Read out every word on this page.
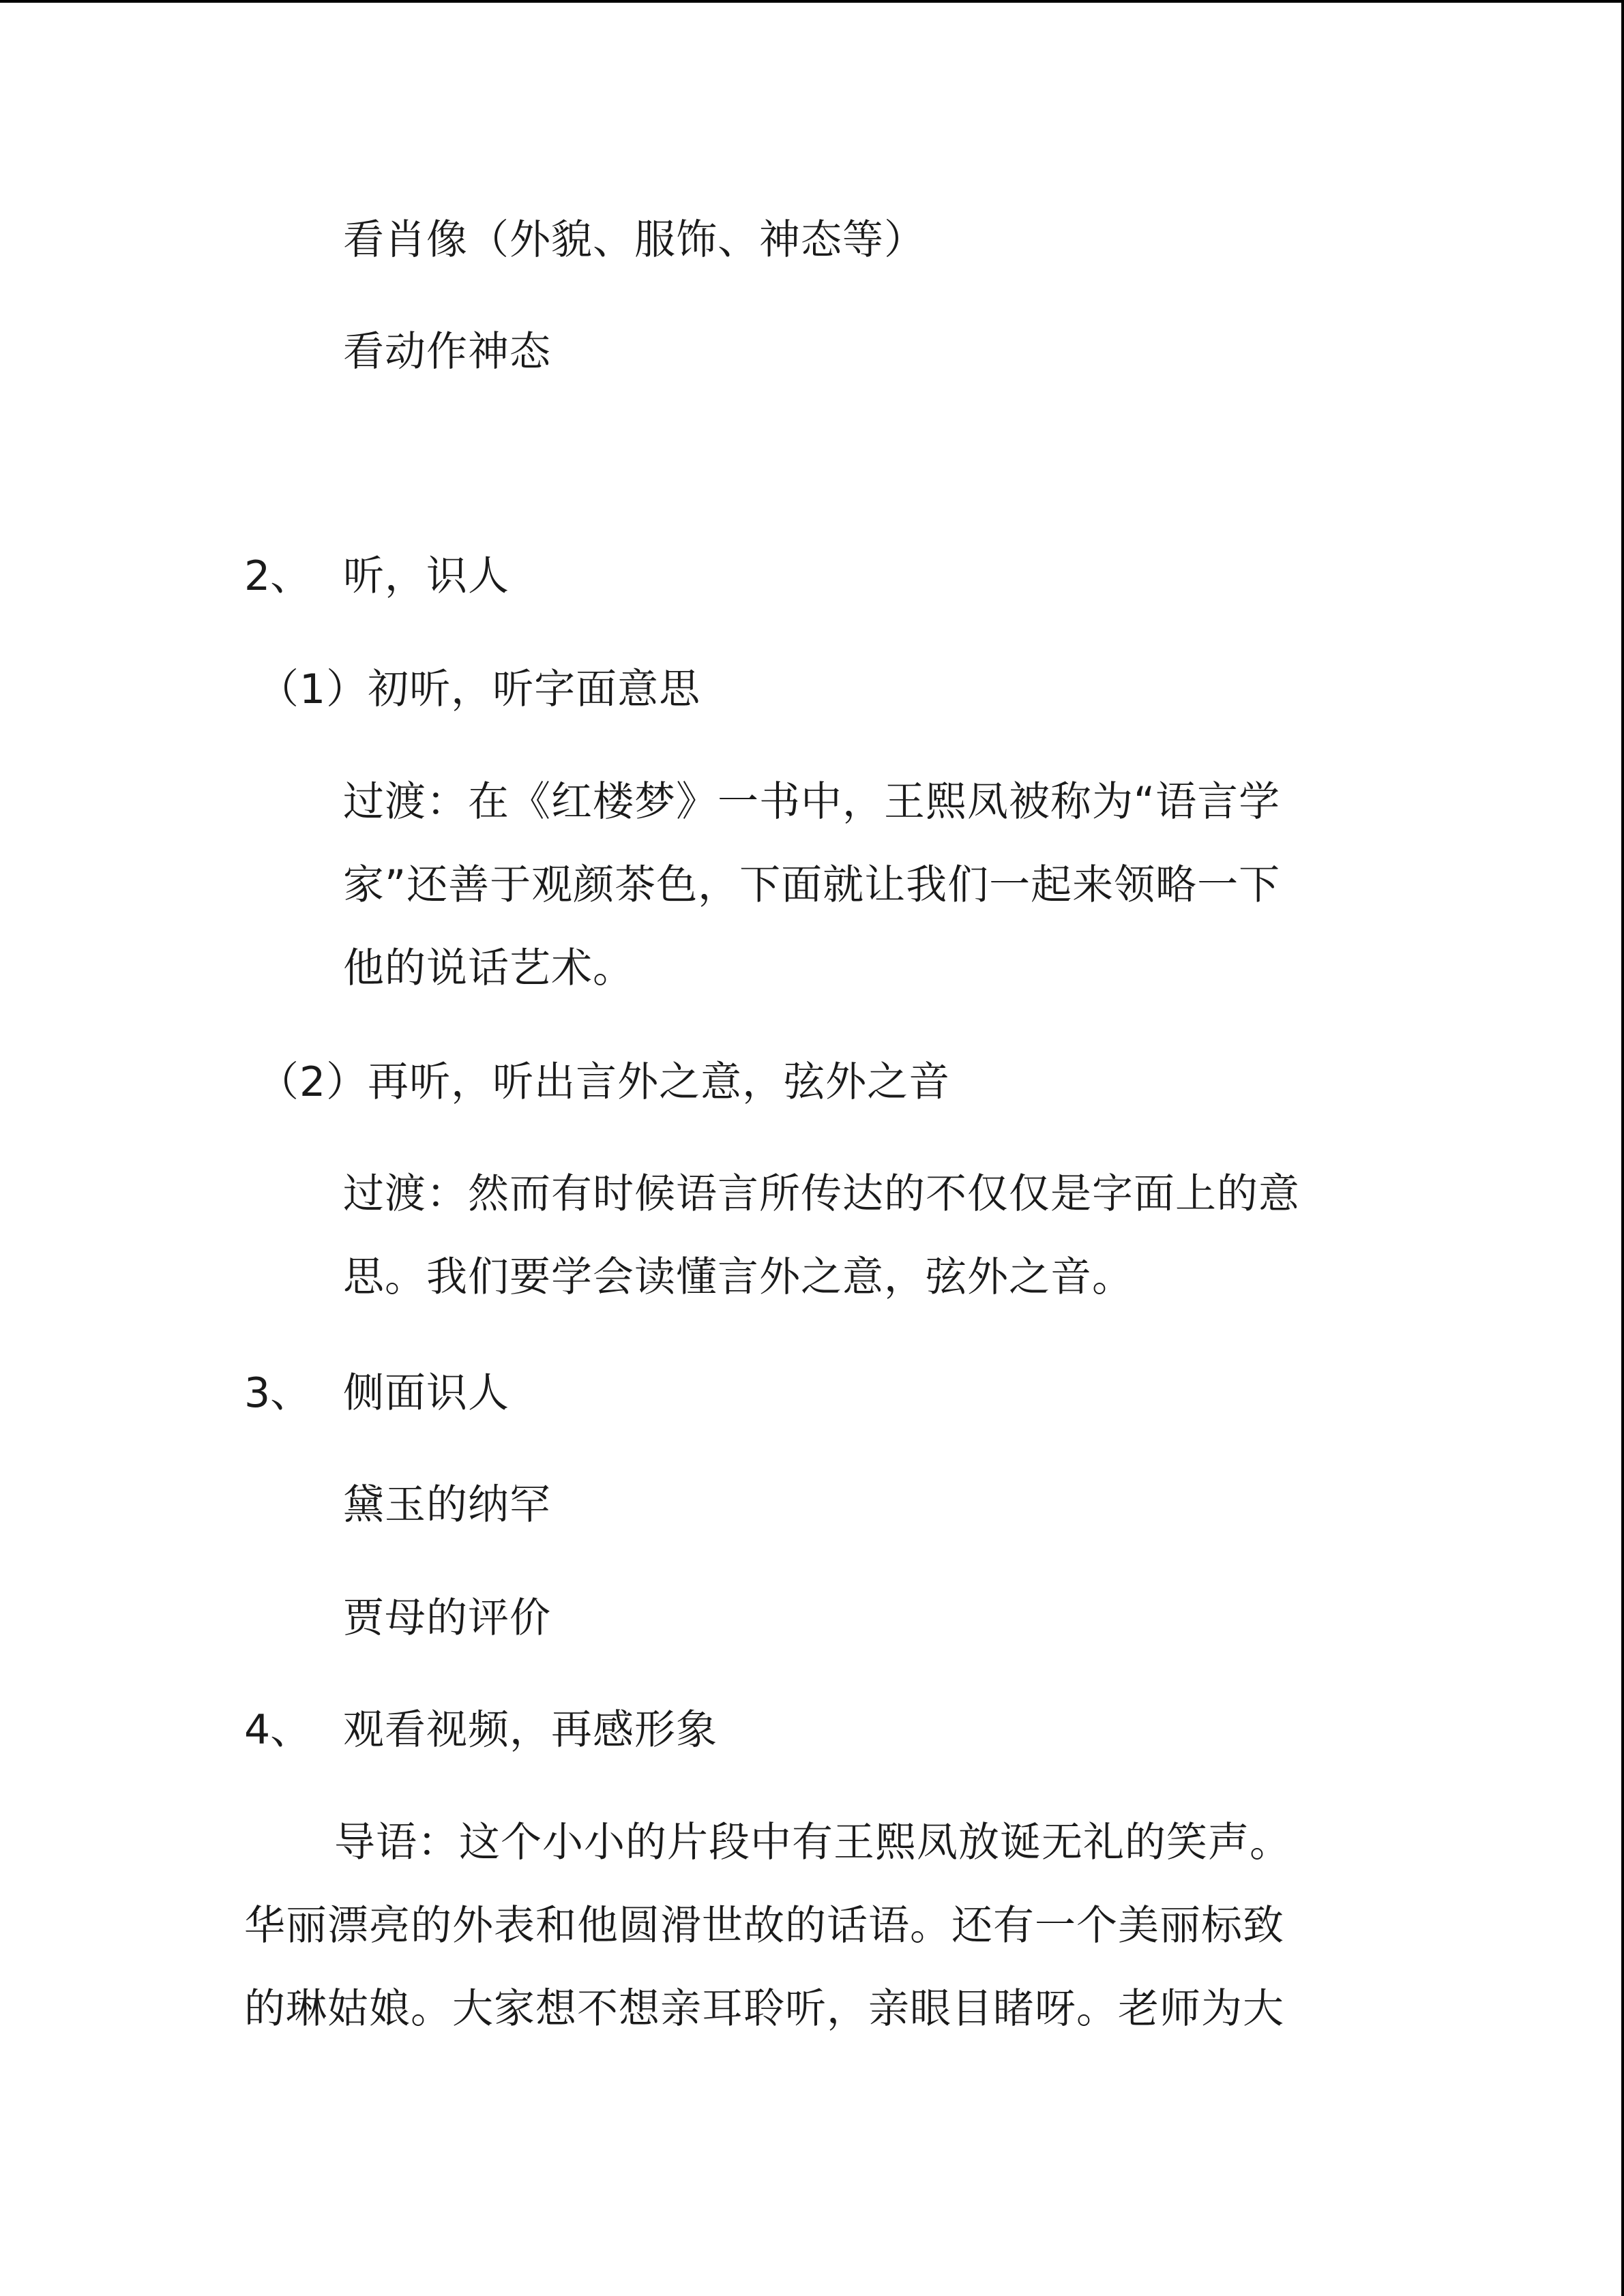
看肖像（外貌、服饰、神态等）
看动作神态
2、 听，识人
（1）初听，听字面意思
过渡：在《红楼梦》一书中，王熙凤被称为“语言学
家”还善于观颜茶色，下面就让我们一起来领略一下
他的说话艺术。
（2）再听，听出言外之意，弦外之音
过渡：然而有时候语言所传达的不仅仅是字面上的意
思。我们要学会读懂言外之意，弦外之音。
3、 侧面识人
黛玉的纳罕
贾母的评价
4、 观看视频，再感形象
导语：这个小小的片段中有王熙凤放诞无礼的笑声。
华丽漂亮的外表和他圆滑世故的话语。还有一个美丽标致
的琳姑娘。大家想不想亲耳聆听，亲眼目睹呀。老师为大
